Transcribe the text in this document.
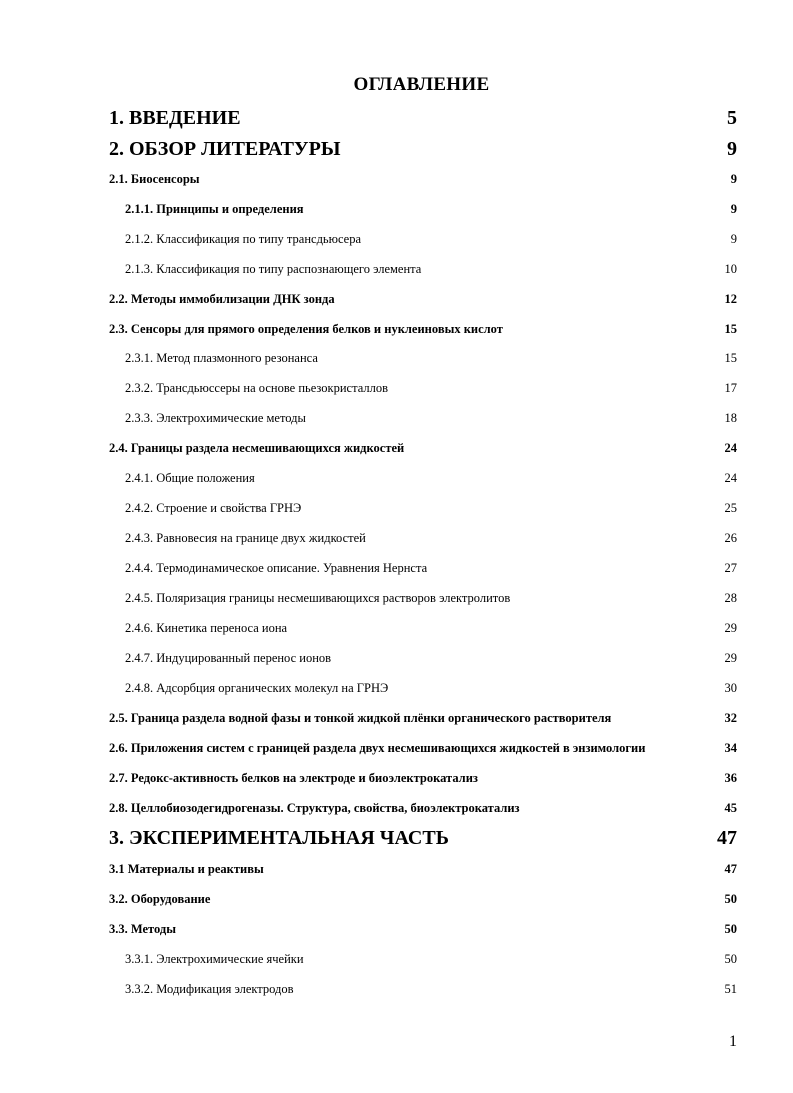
ОГЛАВЛЕНИЕ
1. ВВЕДЕНИЕ	5
2. ОБЗОР ЛИТЕРАТУРЫ	9
2.1. Биосенсоры	9
2.1.1. Принципы и определения	9
2.1.2. Классификация по типу трансдьюсера	9
2.1.3. Классификация по типу распознающего элемента	10
2.2. Методы иммобилизации ДНК зонда	12
2.3. Сенсоры для прямого определения белков и нуклеиновых кислот	15
2.3.1. Метод плазмонного резонанса	15
2.3.2. Трансдьюссеры на основе пьезокристаллов	17
2.3.3. Электрохимические методы	18
2.4. Границы раздела несмешивающихся жидкостей	24
2.4.1. Общие положения	24
2.4.2. Строение и свойства ГРНЭ	25
2.4.3. Равновесия на границе двух жидкостей	26
2.4.4. Термодинамическое описание. Уравнения Нернста	27
2.4.5. Поляризация границы несмешивающихся растворов электролитов	28
2.4.6. Кинетика переноса иона	29
2.4.7. Индуцированный перенос ионов	29
2.4.8. Адсорбция органических молекул на ГРНЭ	30
2.5. Граница раздела водной фазы и тонкой жидкой плёнки органического растворителя	32
2.6. Приложения систем с границей раздела двух несмешивающихся жидкостей в энзимологии	34
2.7. Редокс-активность белков на электроде и биоэлектрокатализ	36
2.8. Целлобиозодегидрогеназы. Структура, свойства, биоэлектрокатализ	45
3. ЭКСПЕРИМЕНТАЛЬНАЯ ЧАСТЬ	47
3.1 Материалы и реактивы	47
3.2. Оборудование	50
3.3. Методы	50
3.3.1. Электрохимические ячейки	50
3.3.2. Модификация электродов	51
1
